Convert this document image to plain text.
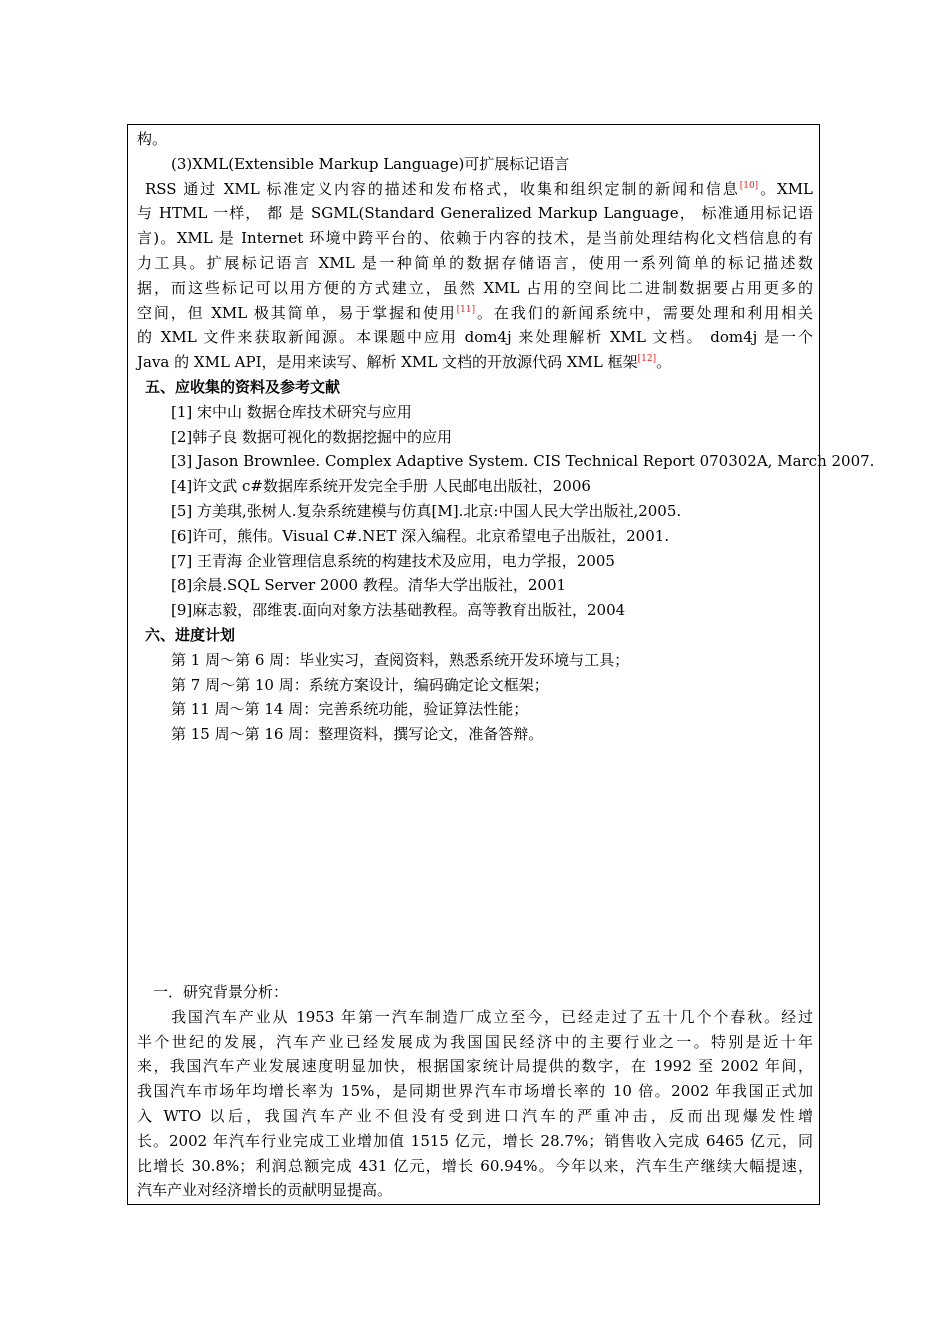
构。
(3)XML(Extensible Markup Language)可扩展标记语言
RSS 通过 XML 标准定义内容的描述和发布格式，收集和组织定制的新闻和信息[10]。XML
与 HTML 一样， 都 是 SGML(Standard Generalized Markup Language， 标准通用标记语
言)。XML 是 Internet 环境中跨平台的、依赖于内容的技术，是当前处理结构化文档信息的有
力工具。扩展标记语言 XML 是一种简单的数据存储语言，使用一系列简单的标记描述数
据，而这些标记可以用方便的方式建立，虽然 XML 占用的空间比二进制数据要占用更多的
空间，但 XML 极其简单，易于掌握和使用[11]。在我们的新闻系统中，需要处理和利用相关
的 XML 文件来获取新闻源。本课题中应用 dom4j 来处理解析 XML 文档。 dom4j 是一个
Java 的 XML API，是用来读写、解析 XML 文档的开放源代码 XML 框架[12]。
五、应收集的资料及参考文献
[1] 宋中山 数据仓库技术研究与应用
[2]韩子良 数据可视化的数据挖掘中的应用
[3] Jason Brownlee. Complex Adaptive System. CIS Technical Report 070302A, March 2007.
[4]许文武 c#数据库系统开发完全手册 人民邮电出版社，2006
[5] 方美琪,张树人.复杂系统建模与仿真[M].北京:中国人民大学出版社,2005.
[6]许可，熊伟。Visual C#.NET 深入编程。北京希望电子出版社，2001.
[7] 王青海 企业管理信息系统的构建技术及应用，电力学报，2005
[8]余晨.SQL Server 2000 教程。清华大学出版社，2001
[9]麻志毅，邵维衷.面向对象方法基础教程。高等教育出版社，2004
六、进度计划
第 1 周～第 6 周：毕业实习，查阅资料，熟悉系统开发环境与工具；
第 7 周～第 10 周：系统方案设计，编码确定论文框架；
第 11 周～第 14 周：完善系统功能，验证算法性能；
第 15 周～第 16 周：整理资料，撰写论文，准备答辩。
一．研究背景分析：
我国汽车产业从 1953 年第一汽车制造厂成立至今，已经走过了五十几个个春秋。经过
半个世纪的发展，汽车产业已经发展成为我国国民经济中的主要行业之一。特别是近十年
来，我国汽车产业发展速度明显加快，根据国家统计局提供的数字，在 1992 至 2002 年间，
我国汽车市场年均增长率为 15%，是同期世界汽车市场增长率的 10 倍。2002 年我国正式加
入 WTO 以后，我国汽车产业不但没有受到进口汽车的严重冲击，反而出现爆发性增
长。2002 年汽车行业完成工业增加值 1515 亿元，增长 28.7%；销售收入完成 6465 亿元，同
比增长 30.8%；利润总额完成 431 亿元，增长 60.94%。今年以来，汽车生产继续大幅提速，
汽车产业对经济增长的贡献明显提高。
